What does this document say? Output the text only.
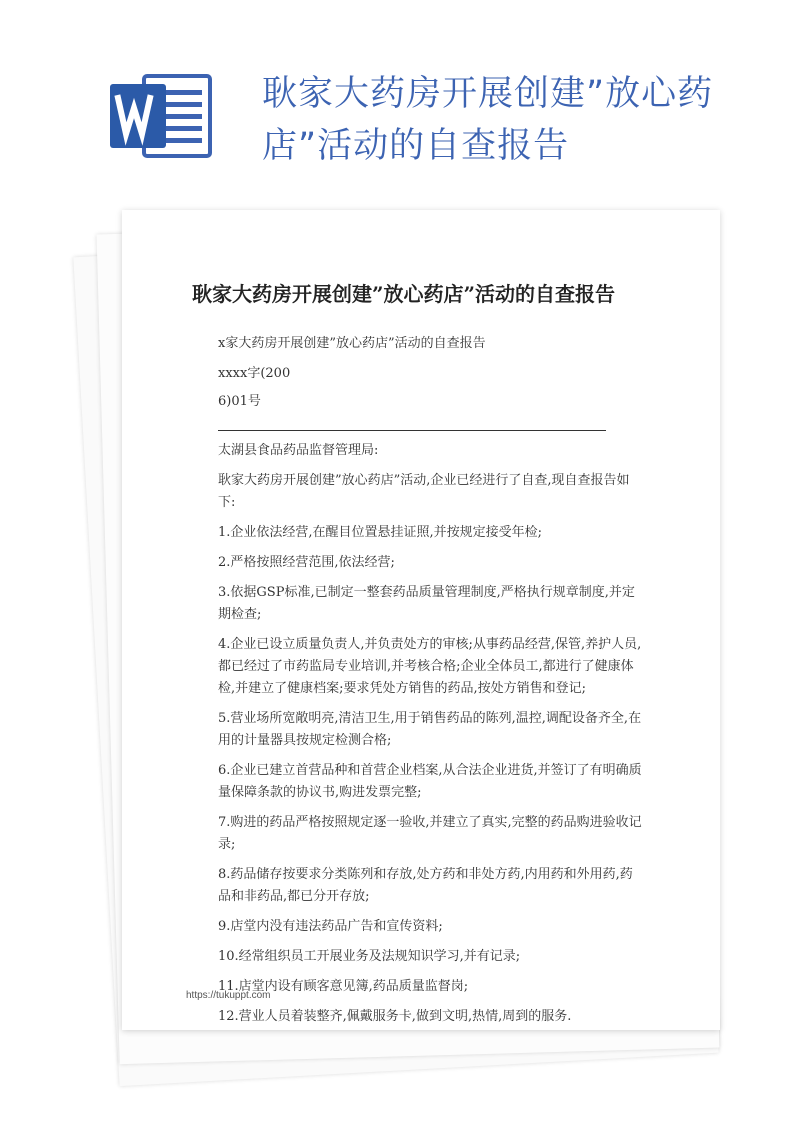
耿家大药房开展创建”放心药店”活动的自查报告
耿家大药房开展创建”放心药店”活动的自查报告
x家大药房开展创建”放心药店”活动的自查报告
xxxx字(200
6)01号

太湖县食品药品监督管理局:

耿家大药房开展创建”放心药店”活动,企业已经进行了自查,现自查报告如下:

1.企业依法经营,在醒目位置悬挂证照,并按规定接受年检;

2.严格按照经营范围,依法经营;

3.依据GSP标准,已制定一整套药品质量管理制度,严格执行规章制度,并定期检查;

4.企业已设立质量负责人,并负责处方的审核;从事药品经营,保管,养护人员,都已经过了市药监局专业培训,并考核合格;企业全体员工,都进行了健康体检,并建立了健康档案;要求凭处方销售的药品,按处方销售和登记;

5.营业场所宽敞明亮,清洁卫生,用于销售药品的陈列,温控,调配设备齐全,在用的计量器具按规定检测合格;

6.企业已建立首营品种和首营企业档案,从合法企业进货,并签订了有明确质量保障条款的协议书,购进发票完整;

7.购进的药品严格按照规定逐一验收,并建立了真实,完整的药品购进验收记录;

8.药品储存按要求分类陈列和存放,处方药和非处方药,内用药和外用药,药品和非药品,都已分开存放;

9.店堂内没有违法药品广告和宣传资料;

10.经常组织员工开展业务及法规知识学习,并有记录;

11.店堂内设有顾客意见簿,药品质量监督岗;

12.营业人员着装整齐,佩戴服务卡,做到文明,热情,周到的服务.

https://tukuppt.com
